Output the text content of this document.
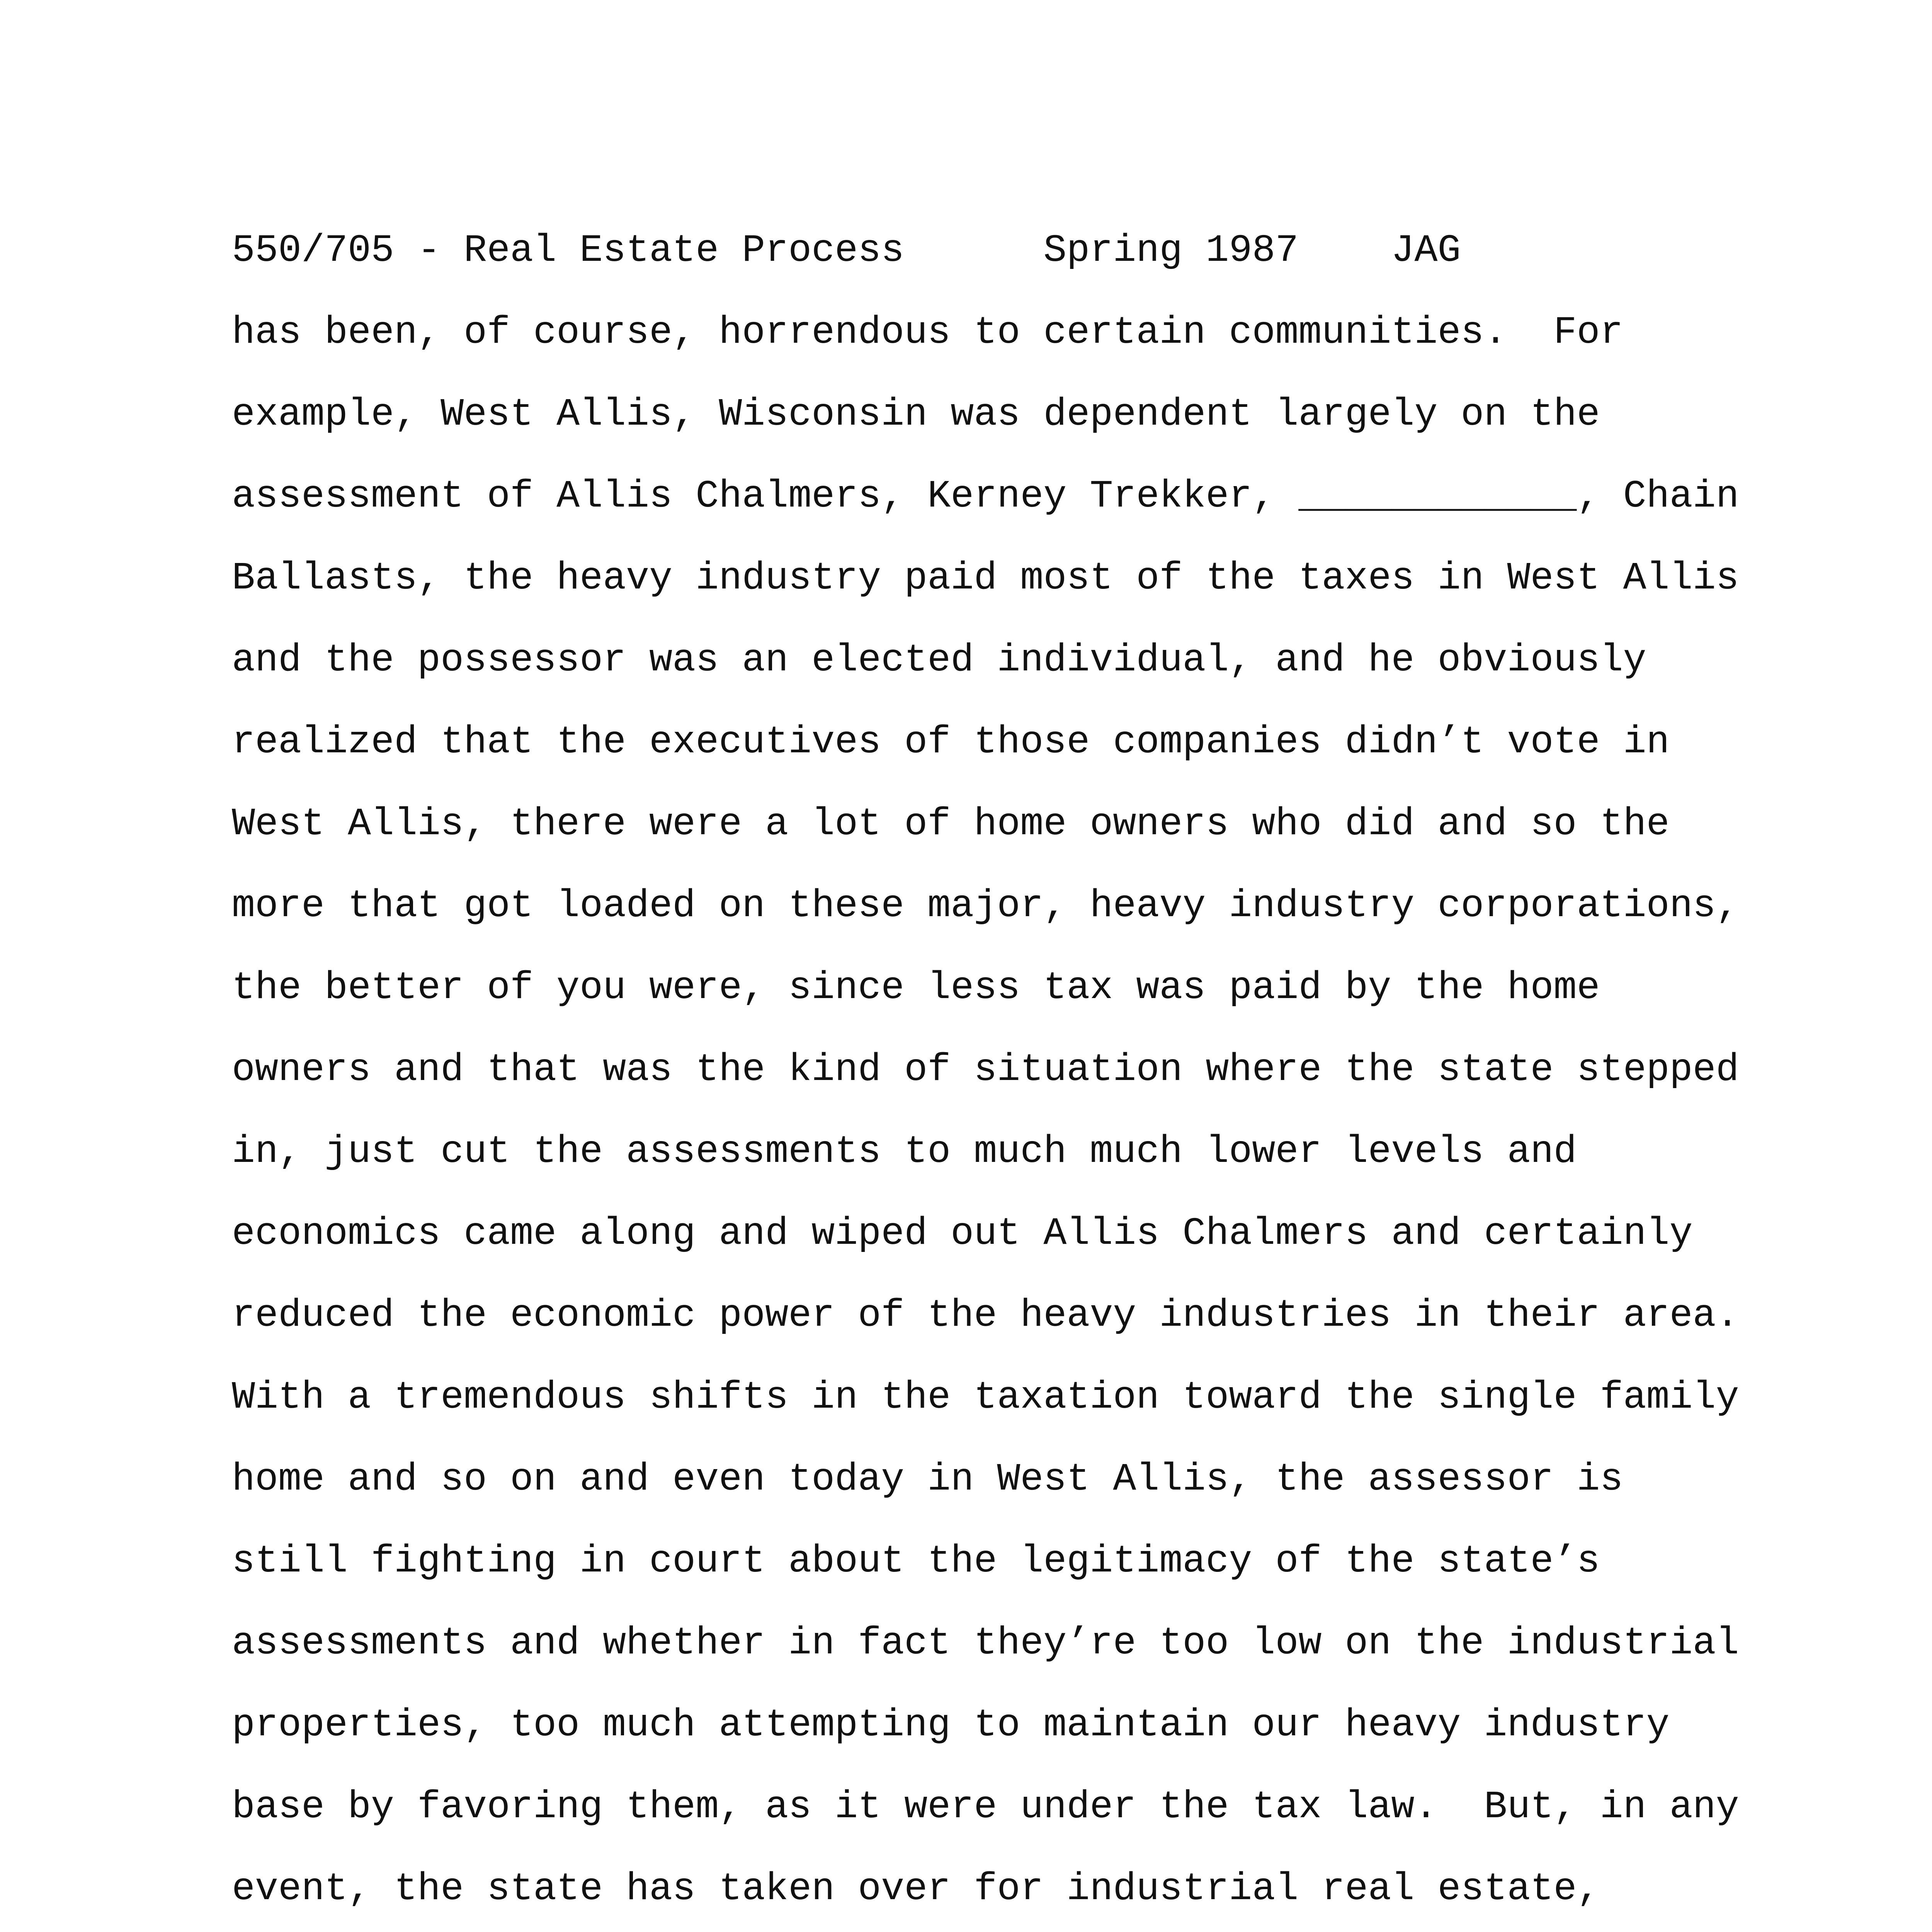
550/705 - Real Estate Process	Spring 1987 JAG
has been, of course, horrendous to certain communities.  For
example, West Allis, Wisconsin was dependent largely on the
assessment of Allis Chalmers, Kerney Trekker, ____________, Chain
Ballasts, the heavy industry paid most of the taxes in West Allis
and the possessor was an elected individual, and he obviously
realized that the executives of those companies didn’t vote in
West Allis, there were a lot of home owners who did and so the
more that got loaded on these major, heavy industry corporations,
the better of you were, since less tax was paid by the home
owners and that was the kind of situation where the state stepped
in, just cut the assessments to much much lower levels and
economics came along and wiped out Allis Chalmers and certainly
reduced the economic power of the heavy industries in their area.
With a tremendous shifts in the taxation toward the single family
home and so on and even today in West Allis, the assessor is
still fighting in court about the legitimacy of the state’s
assessments and whether in fact they’re too low on the industrial
properties, too much attempting to maintain our heavy industry
base by favoring them, as it were under the tax law.  But, in any
event, the state has taken over for industrial real estate,
